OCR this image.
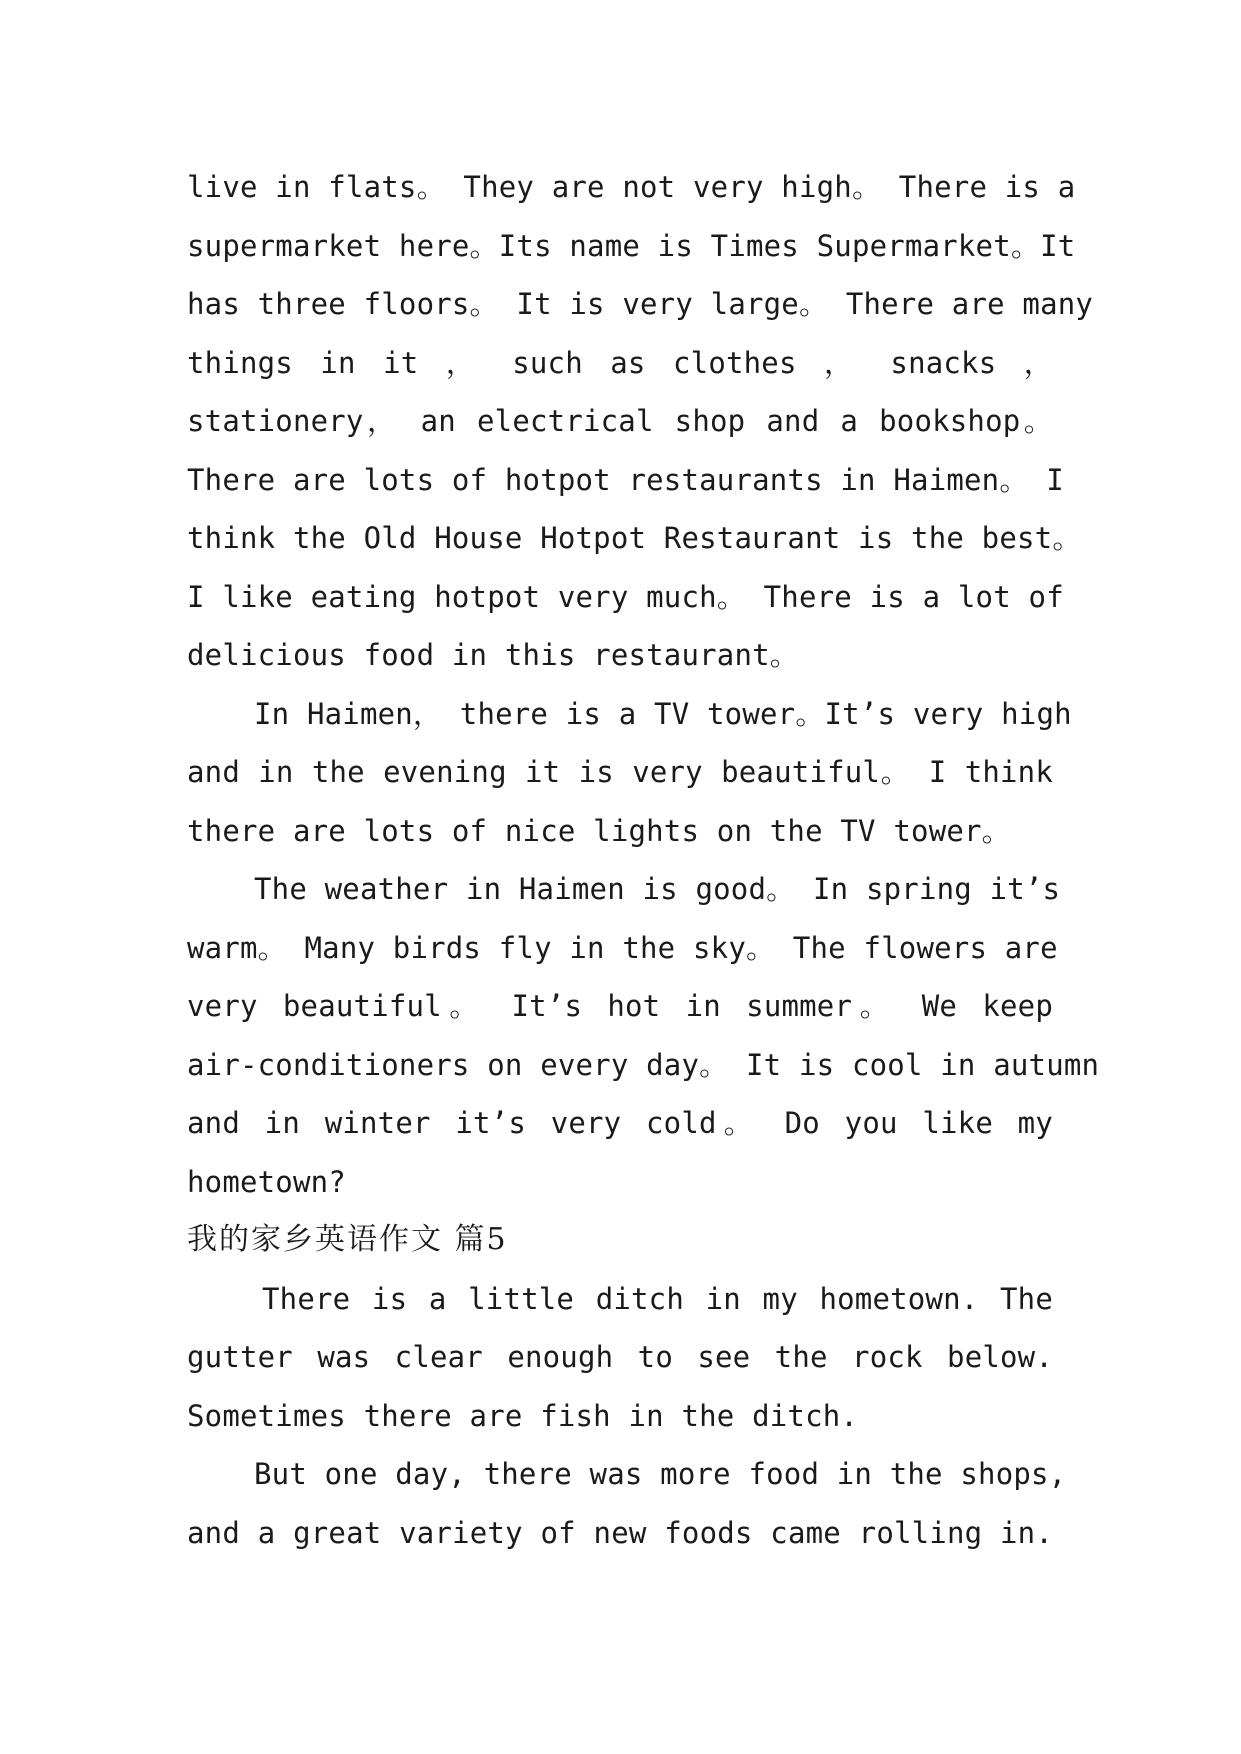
live in flats。 They are not very high。 There is a
supermarket here。Its name is Times Supermarket。It
has three floors。 It is very large。 There are many
things in it ， such as clothes ， snacks ，
stationery， an electrical shop and a bookshop。
There are lots of hotpot restaurants in Haimen。 I
think the Old House Hotpot Restaurant is the best。
I like eating hotpot very much。 There is a lot of
delicious food in this restaurant。
In Haimen， there is a TV tower。It’s very high
and in the evening it is very beautiful。 I think
there are lots of nice lights on the TV tower。
The weather in Haimen is good。 In spring it’s
warm。 Many birds fly in the sky。 The flowers are
very beautiful。 It’s hot in summer。 We keep
air-conditioners on every day。 It is cool in autumn
and in winter it’s very cold。 Do you like my
hometown?
我的家乡英语作文 篇5
There is a little ditch in my hometown. The
gutter was clear enough to see the rock below.
Sometimes there are fish in the ditch.
But one day, there was more food in the shops,
and a great variety of new foods came rolling in.
